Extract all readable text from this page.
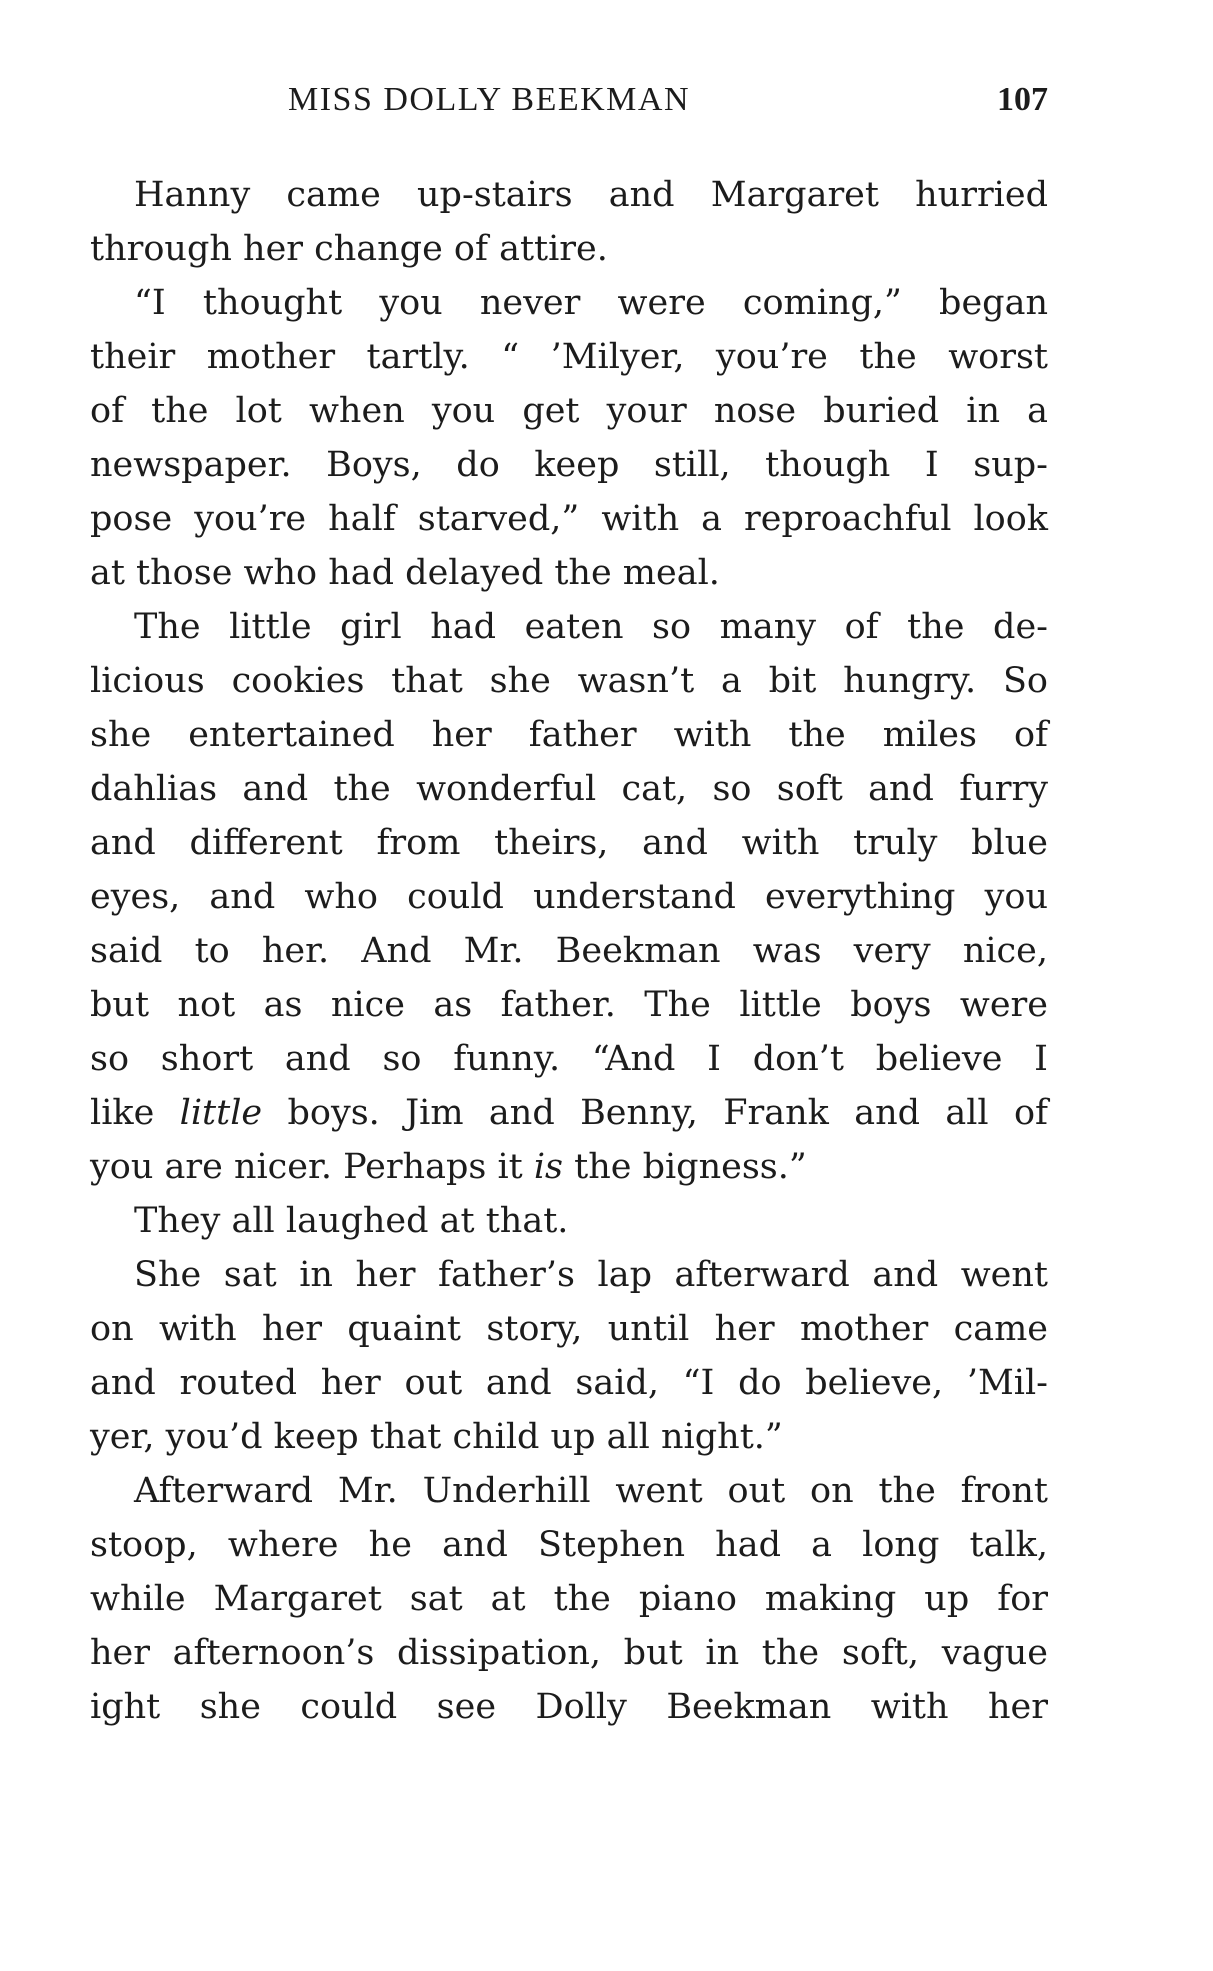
MISS DOLLY BEEKMAN	107
Hanny came up-stairs and Margaret hurried
through her change of attire.
“I thought you never were coming,” began
their mother tartly. “ ’Milyer, you’re the worst
of the lot when you get your nose buried in a
newspaper. Boys, do keep still, though I sup-
pose you’re half starved,” with a reproachful look
at those who had delayed the meal.
The little girl had eaten so many of the de-
licious cookies that she wasn’t a bit hungry. So
she entertained her father with the miles of
dahlias and the wonderful cat, so soft and furry
and different from theirs, and with truly blue
eyes, and who could understand everything you
said to her. And Mr. Beekman was very nice,
but not as nice as father. The little boys were
so short and so funny. “And I don’t believe I
like little boys. Jim and Benny, Frank and all of
you are nicer. Perhaps it is the bigness.”
They all laughed at that.
She sat in her father’s lap afterward and went
on with her quaint story, until her mother came
and routed her out and said, “I do believe, ’Mil-
yer, you’d keep that child up all night.”
Afterward Mr. Underhill went out on the front
stoop, where he and Stephen had a long talk,
while Margaret sat at the piano making up for
her afternoon’s dissipation, but in the soft, vague
ight she could see Dolly Beekman with her
